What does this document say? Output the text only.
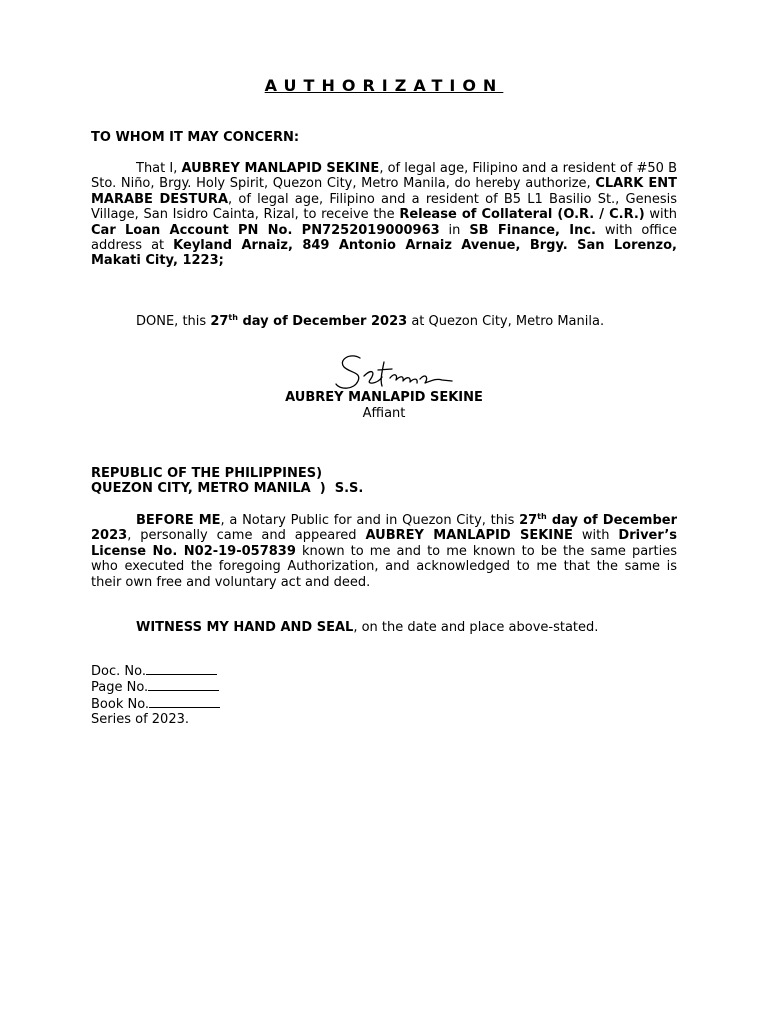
AUTHORIZATION
TO WHOM IT MAY CONCERN:
That I, AUBREY MANLAPID SEKINE, of legal age, Filipino and a resident of #50 B Sto. Niño, Brgy. Holy Spirit, Quezon City, Metro Manila, do hereby authorize, CLARK ENT MARABE DESTURA, of legal age, Filipino and a resident of B5 L1 Basilio St., Genesis Village, San Isidro Cainta, Rizal, to receive the Release of Collateral (O.R. / C.R.) with Car Loan Account PN No. PN7252019000963 in SB Finance, Inc. with office address at Keyland Arnaiz, 849 Antonio Arnaiz Avenue, Brgy. San Lorenzo, Makati City, 1223;
DONE, this 27th day of December 2023 at Quezon City, Metro Manila.
AUBREY MANLAPID SEKINE
Affiant
REPUBLIC OF THE PHILIPPINES)
QUEZON CITY, METRO MANILA  )  S.S.
BEFORE ME, a Notary Public for and in Quezon City, this 27th day of December 2023, personally came and appeared AUBREY MANLAPID SEKINE with Driver’s License No. N02-19-057839 known to me and to me known to be the same parties who executed the foregoing Authorization, and acknowledged to me that the same is their own free and voluntary act and deed.
WITNESS MY HAND AND SEAL, on the date and place above-stated.
Doc. No.
Page No.
Book No.
Series of 2023.
